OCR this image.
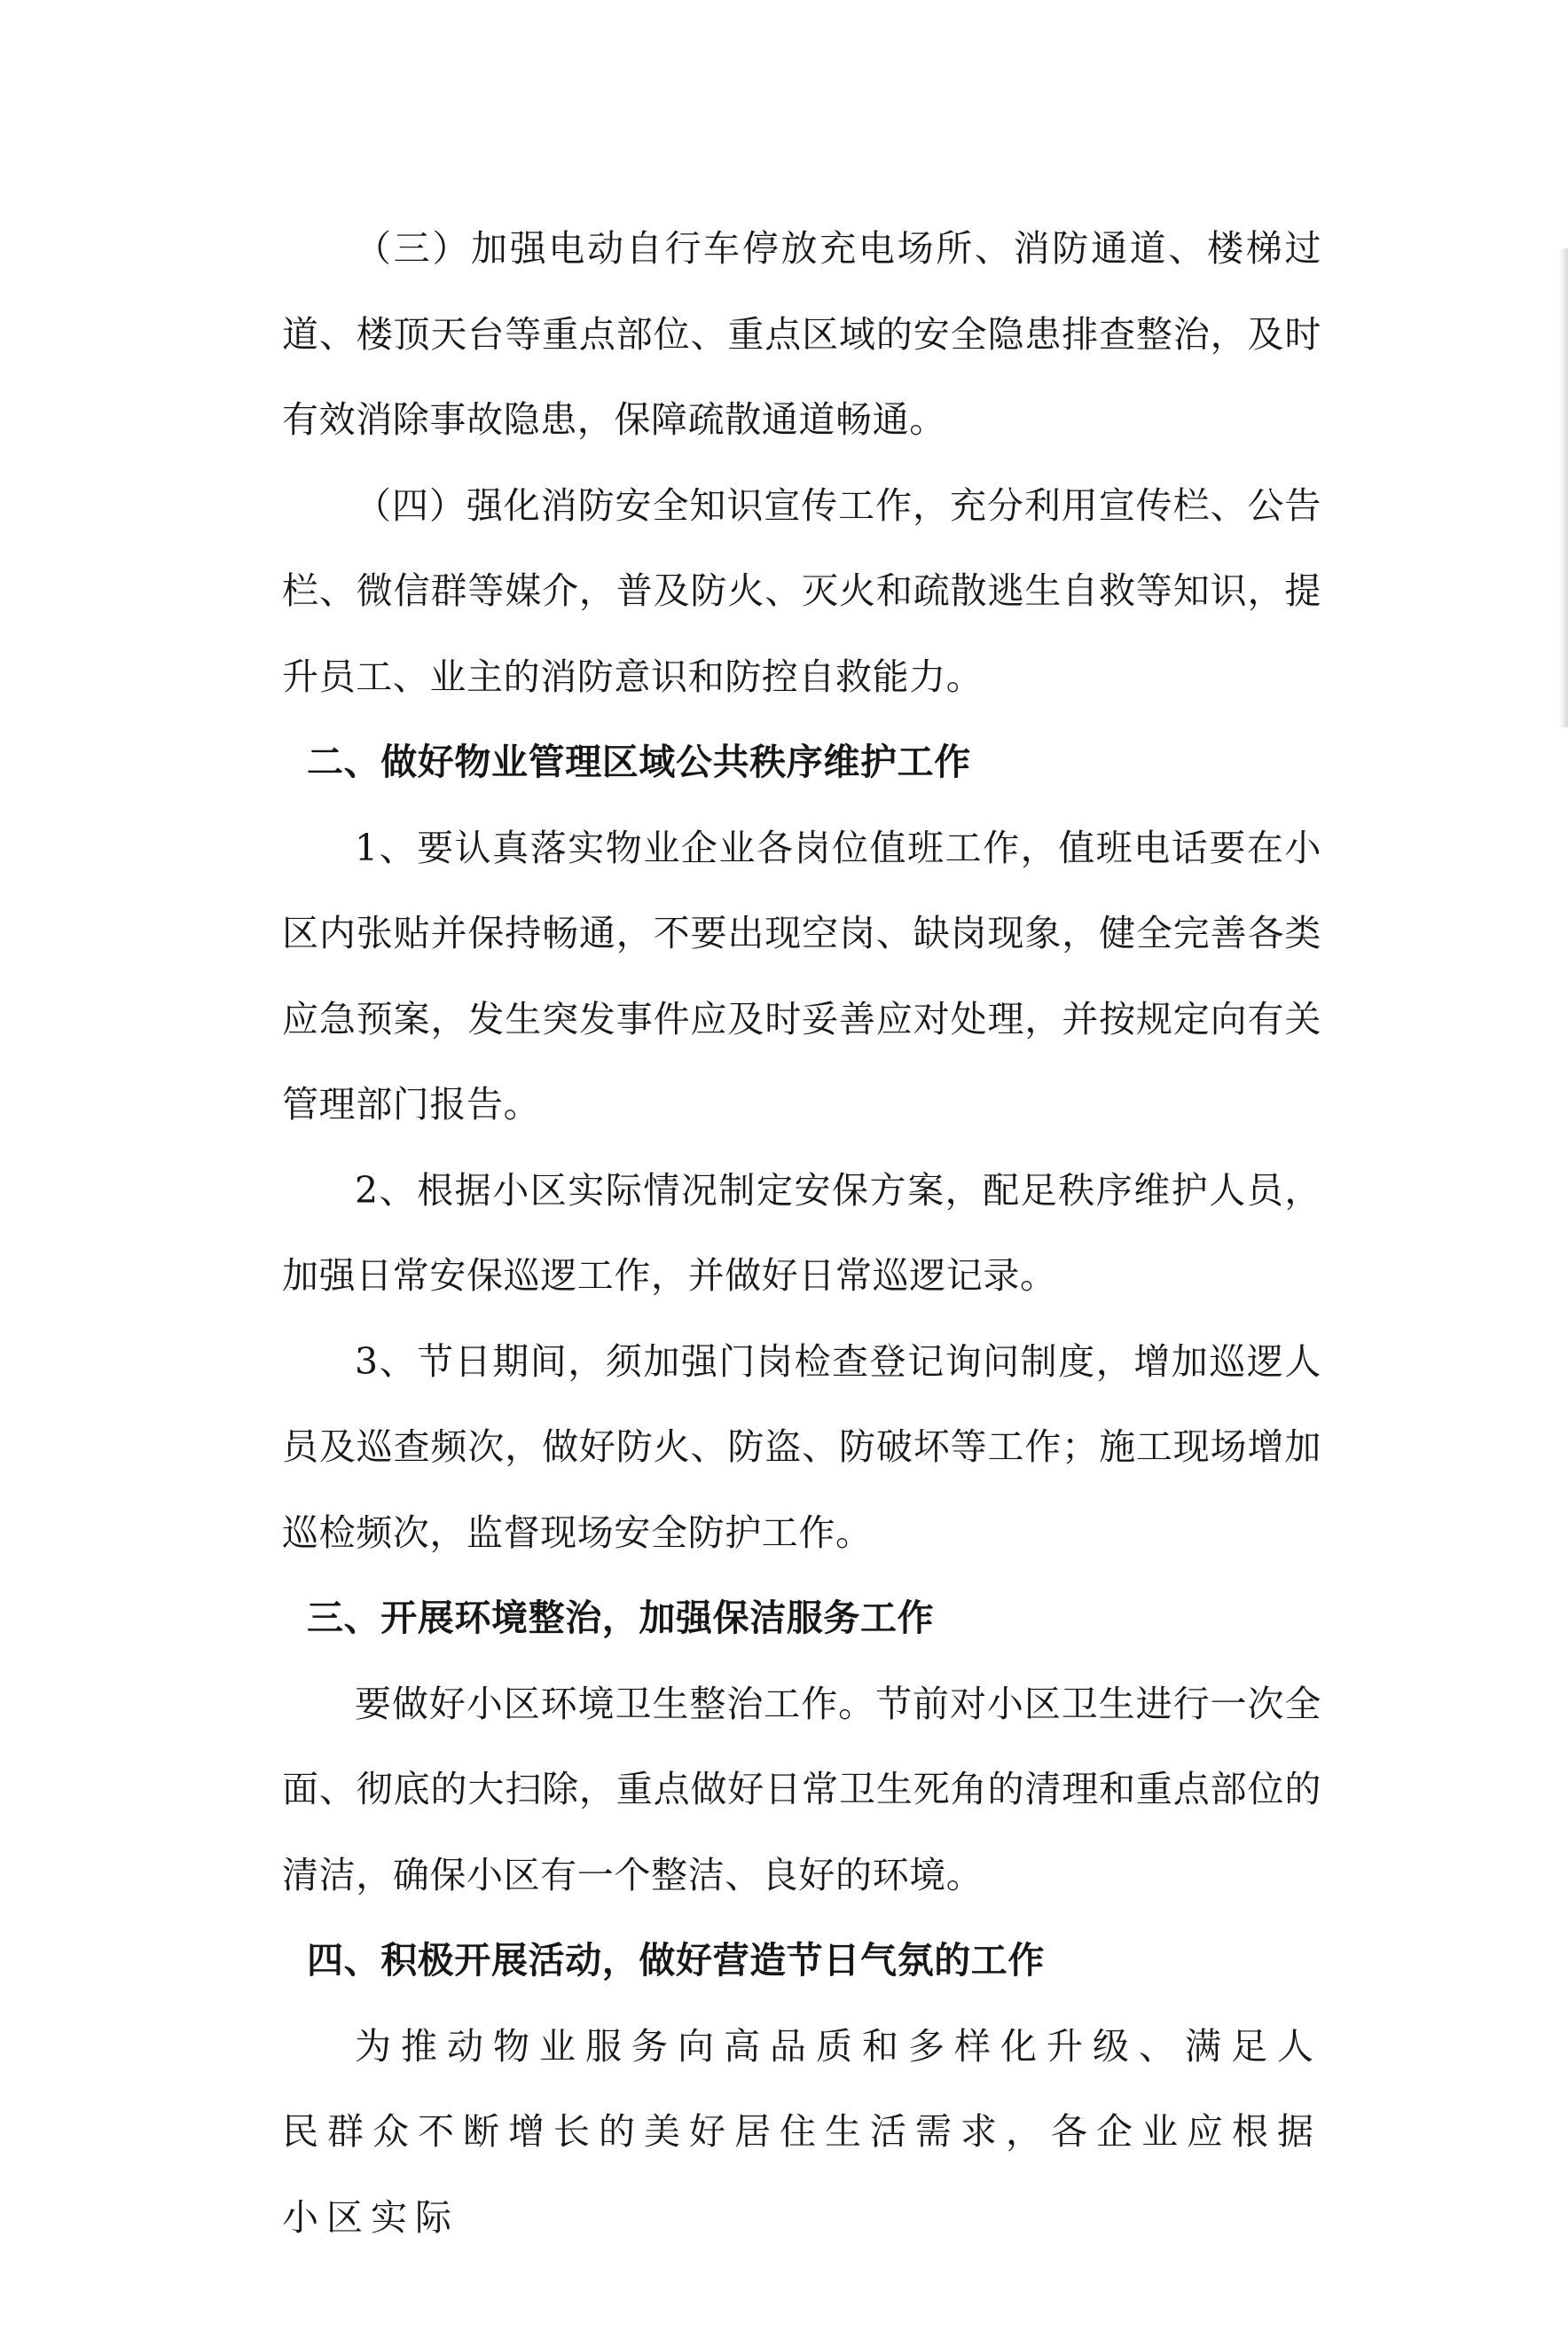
（三）加强电动自行车停放充电场所、消防通道、楼梯过道、楼顶天台等重点部位、重点区域的安全隐患排查整治，及时有效消除事故隐患，保障疏散通道畅通。

（四）强化消防安全知识宣传工作，充分利用宣传栏、公告栏、微信群等媒介，普及防火、灭火和疏散逃生自救等知识，提升员工、业主的消防意识和防控自救能力。

二、做好物业管理区域公共秩序维护工作

1、要认真落实物业企业各岗位值班工作，值班电话要在小区内张贴并保持畅通，不要出现空岗、缺岗现象，健全完善各类应急预案，发生突发事件应及时妥善应对处理，并按规定向有关管理部门报告。

2、根据小区实际情况制定安保方案，配足秩序维护人员，加强日常安保巡逻工作，并做好日常巡逻记录。

3、节日期间，须加强门岗检查登记询问制度，增加巡逻人员及巡查频次，做好防火、防盗、防破坏等工作；施工现场增加巡检频次，监督现场安全防护工作。

三、开展环境整治，加强保洁服务工作

要做好小区环境卫生整治工作。节前对小区卫生进行一次全面、彻底的大扫除，重点做好日常卫生死角的清理和重点部位的清洁，确保小区有一个整洁、良好的环境。

四、积极开展活动，做好营造节日气氛的工作

为推动物业服务向高品质和多样化升级、满足人民群众不断增长的美好居住生活需求，各企业应根据小区实际
